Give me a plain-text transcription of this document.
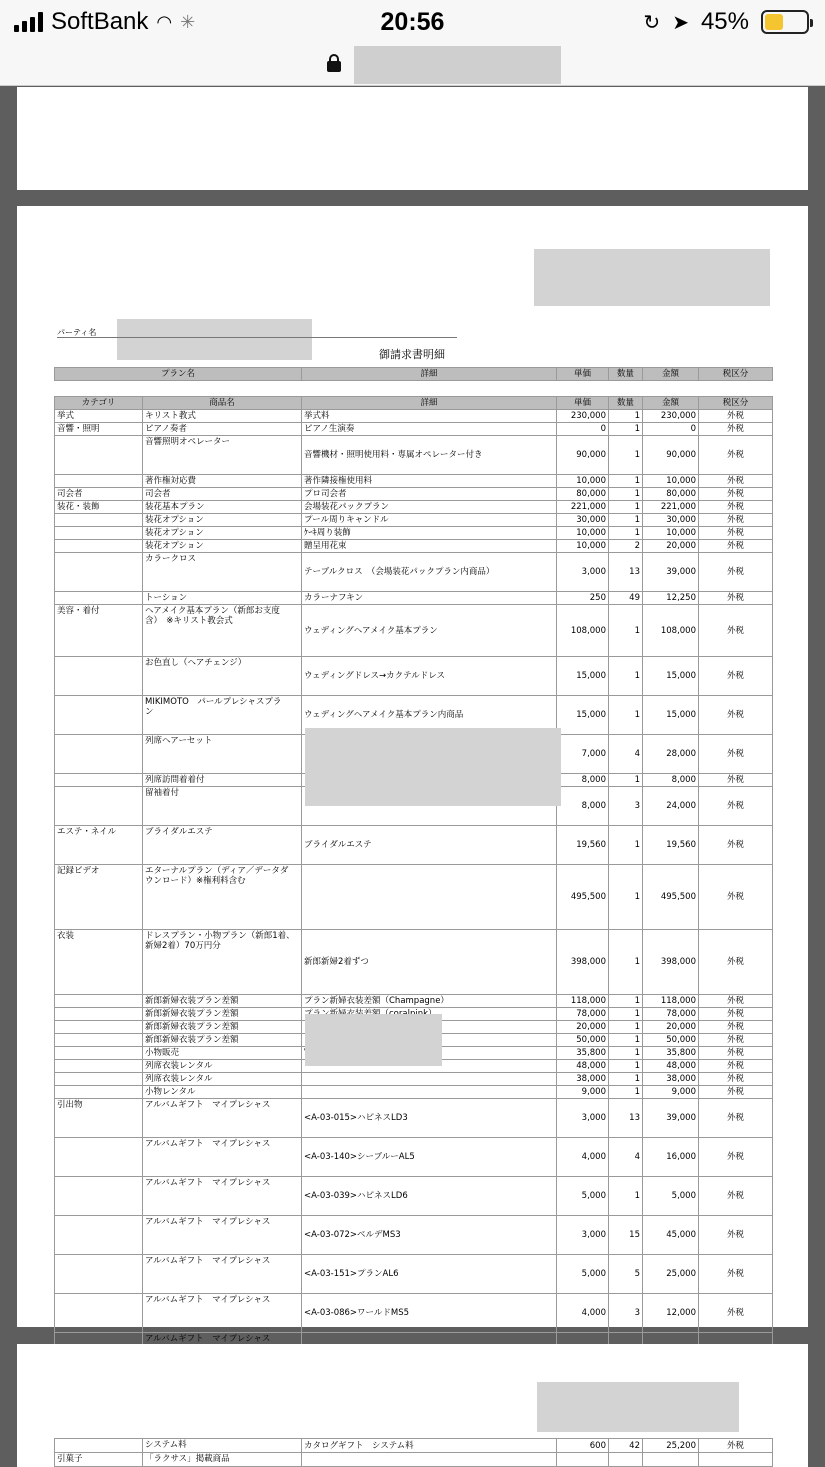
SoftBank ◠ ✳	20:56	↻ ➤ 45%
パーティ名
御請求書明細
プラン名	詳細	単価	数量	金額	税区分
カテゴリ	商品名	詳細	単価	数量	金額	税区分
挙式	キリスト教式	挙式料	230,000	1	230,000	外税
音響・照明	ピアノ奏者	ピアノ生演奏	0	1	0	外税
	音響照明オペレーター	音響機材・照明使用料・専属オペレーター付き	90,000	1	90,000	外税
	著作権対応費	著作隣接権使用料	10,000	1	10,000	外税
司会者	司会者	プロ司会者	80,000	1	80,000	外税
装花・装飾	装花基本プラン	会場装花パックプラン	221,000	1	221,000	外税
	装花オプション	プール周りキャンドル	30,000	1	30,000	外税
	装花オプション	ｹｰｷ周り装飾	10,000	1	10,000	外税
	装花オプション	贈呈用花束	10,000	2	20,000	外税
	カラークロス	テーブルクロス　（会場装花パックプラン内商品）	3,000	13	39,000	外税
	トーション	カラーナフキン	250	49	12,250	外税
美容・着付	ヘアメイク基本プラン（新郎お支度
含）　※キリスト教会式	ウェディングヘアメイク基本プラン	108,000	1	108,000	外税
	お色直し（ヘアチェンジ）	ウェディングドレス→カクテルドレス	15,000	1	15,000	外税
	MIKIMOTO　パールプレシャスプラ
ン	ウェディングヘアメイク基本プラン内商品	15,000	1	15,000	外税
	列席ヘアーセット		7,000	4	28,000	外税
	列席訪問着着付		8,000	1	8,000	外税
	留袖着付		8,000	3	24,000	外税
エステ・ネイル	ブライダルエステ	ブライダルエステ	19,560	1	19,560	外税
記録ビデオ	エターナルプラン（ディア／データダ
ウンロード）※権利料含む		495,500	1	495,500	外税
衣装	ドレスプラン・小物プラン（新郎1着、
新婦2着）70万円分	新郎新婦2着ずつ	398,000	1	398,000	外税
	新郎新婦衣装プラン差額	プラン新婦衣装差額（Champagne）	118,000	1	118,000	外税
	新郎新婦衣装プラン差額		78,000	1	78,000	外税
	新郎新婦衣装プラン差額		20,000	1	20,000	外税
	新郎新婦衣装プラン差額		50,000	1	50,000	外税
	小物販売		35,800	1	35,800	外税
	列席衣装レンタル		48,000	1	48,000	外税
	列席衣装レンタル		38,000	1	38,000	外税
	小物レンタル		9,000	1	9,000	外税
引出物	アルバムギフト　マイプレシャス	<A-03-015>ハピネスLD3	3,000	13	39,000	外税
	アルバムギフト　マイプレシャス	<A-03-140>シーブルーAL5	4,000	4	16,000	外税
	アルバムギフト　マイプレシャス	<A-03-039>ハピネスLD6	5,000	1	5,000	外税
	アルバムギフト　マイプレシャス	<A-03-072>ベルデMS3	3,000	15	45,000	外税
	アルバムギフト　マイプレシャス	<A-03-151>プランAL6	5,000	5	25,000	外税
	アルバムギフト　マイプレシャス	<A-03-086>ワールドMS5	4,000	3	12,000	外税
	アルバムギフト　マイプレシャス					
	システム料	カタログギフト　システム料	600	42	25,200	外税
引菓子	「ラクサス」掲載商品					
